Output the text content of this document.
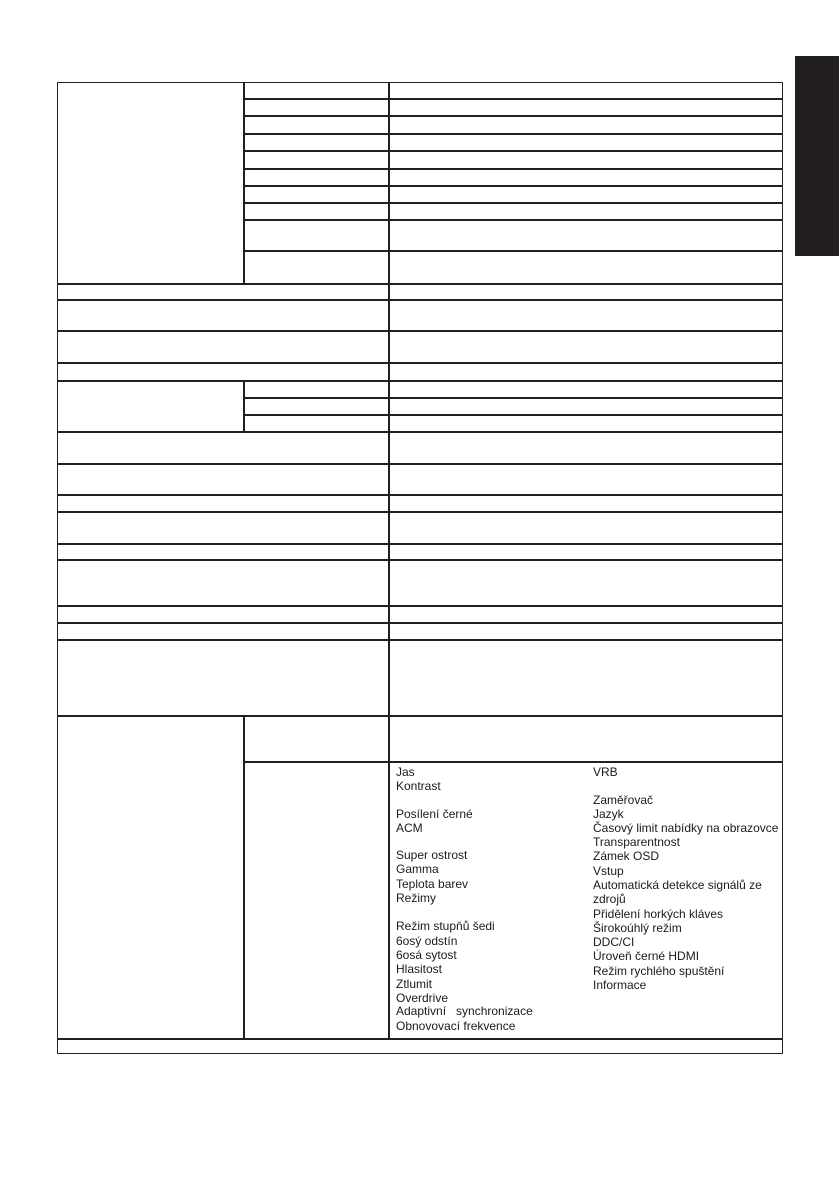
Jas
Kontrast
Posílení černé
ACM
Super ostrost
Gamma
Teplota barev
Režimy
Režim stupňů šedi
6osý odstín
6osá sytost
Hlasitost
Ztlumit
Overdrive
Adaptivní   synchronizace
Obnovovací frekvence
VRB
Zaměřovač
Jazyk
Časový limit nabídky na obrazovce
Transparentnost
Zámek OSD
Vstup
Automatická detekce signálů ze
zdrojů
Přidělení horkých kláves
Širokoúhlý režim
DDC/CI
Úroveň černé HDMI
Režim rychlého spuštění
Informace
